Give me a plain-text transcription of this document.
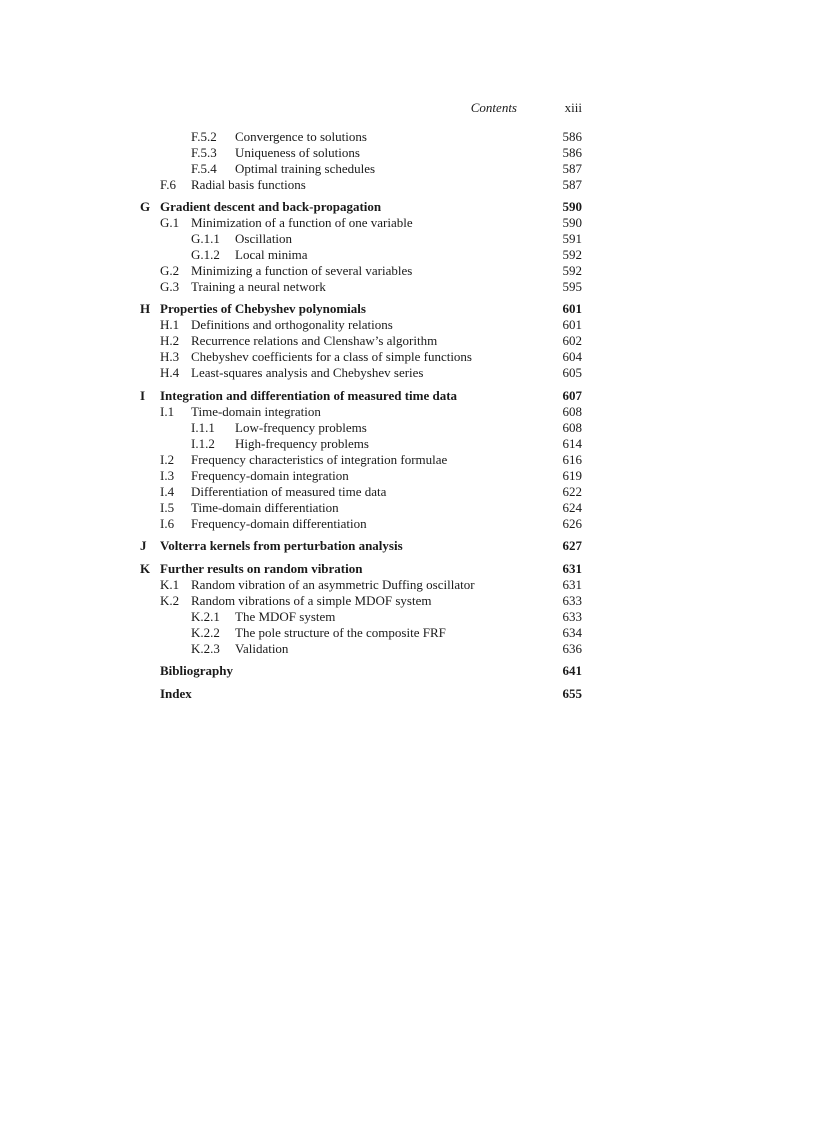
Contents	xiii
F.5.2 Convergence to solutions	586
F.5.3 Uniqueness of solutions	586
F.5.4 Optimal training schedules	587
F.6 Radial basis functions	587
G Gradient descent and back-propagation	590
G.1 Minimization of a function of one variable	590
G.1.1 Oscillation	591
G.1.2 Local minima	592
G.2 Minimizing a function of several variables	592
G.3 Training a neural network	595
H Properties of Chebyshev polynomials	601
H.1 Definitions and orthogonality relations	601
H.2 Recurrence relations and Clenshaw’s algorithm	602
H.3 Chebyshev coefficients for a class of simple functions	604
H.4 Least-squares analysis and Chebyshev series	605
I Integration and differentiation of measured time data	607
I.1 Time-domain integration	608
I.1.1 Low-frequency problems	608
I.1.2 High-frequency problems	614
I.2 Frequency characteristics of integration formulae	616
I.3 Frequency-domain integration	619
I.4 Differentiation of measured time data	622
I.5 Time-domain differentiation	624
I.6 Frequency-domain differentiation	626
J Volterra kernels from perturbation analysis	627
K Further results on random vibration	631
K.1 Random vibration of an asymmetric Duffing oscillator	631
K.2 Random vibrations of a simple MDOF system	633
K.2.1 The MDOF system	633
K.2.2 The pole structure of the composite FRF	634
K.2.3 Validation	636
Bibliography	641
Index	655
